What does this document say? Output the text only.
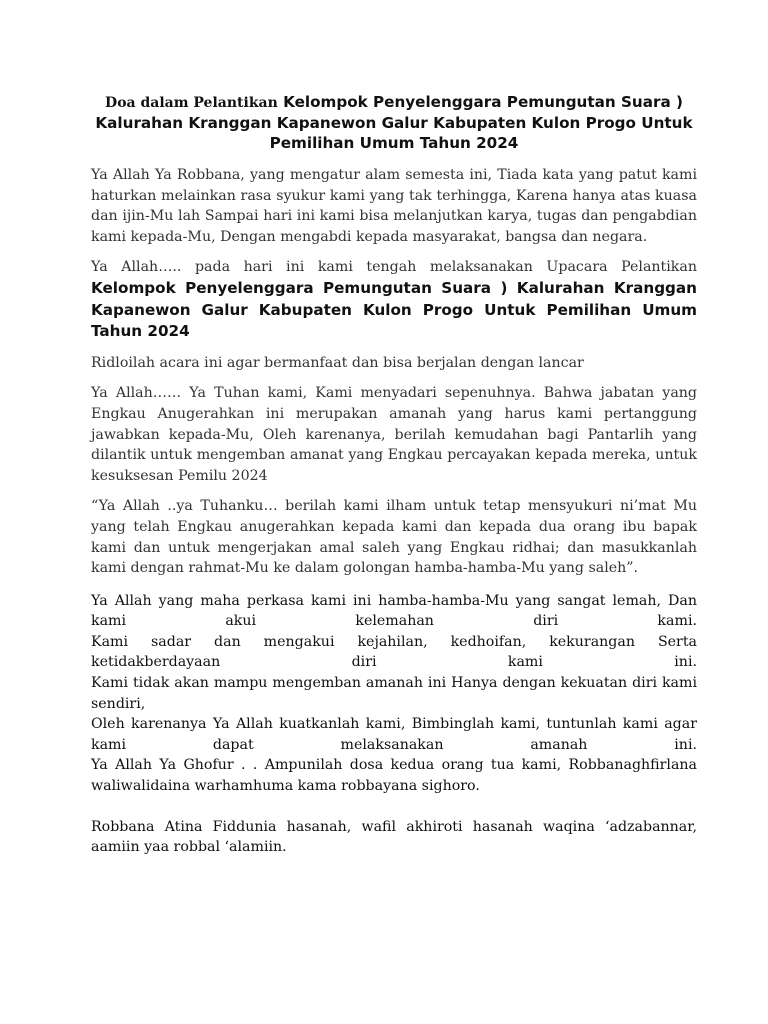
Doa dalam Pelantikan Kelompok Penyelenggara Pemungutan Suara ) Kalurahan Kranggan Kapanewon Galur Kabupaten Kulon Progo Untuk Pemilihan Umum Tahun 2024

Ya Allah Ya Robbana, yang mengatur alam semesta ini, Tiada kata yang patut kami haturkan melainkan rasa syukur kami yang tak terhingga, Karena hanya atas kuasa dan ijin-Mu lah Sampai hari ini kami bisa melanjutkan karya, tugas dan pengabdian kami kepada-Mu, Dengan mengabdi kepada masyarakat, bangsa dan negara.

Ya Allah….. pada hari ini kami tengah melaksanakan Upacara Pelantikan Kelompok Penyelenggara Pemungutan Suara ) Kalurahan Kranggan Kapanewon Galur Kabupaten Kulon Progo Untuk Pemilihan Umum Tahun 2024

Ridloilah acara ini agar bermanfaat dan bisa berjalan dengan lancar

Ya Allah…… Ya Tuhan kami, Kami menyadari sepenuhnya. Bahwa jabatan yang Engkau Anugerahkan ini merupakan amanah yang harus kami pertanggung jawabkan kepada-Mu, Oleh karenanya, berilah kemudahan bagi Pantarlih yang dilantik untuk mengemban amanat yang Engkau percayakan kepada mereka, untuk kesuksesan Pemilu 2024

“Ya Allah ..ya Tuhanku… berilah kami ilham untuk tetap mensyukuri ni’mat Mu yang telah Engkau anugerahkan kepada kami dan kepada dua orang ibu bapak kami dan untuk mengerjakan amal saleh yang Engkau ridhai; dan masukkanlah kami dengan rahmat-Mu ke dalam golongan hamba-hamba-Mu yang saleh”.

Ya Allah yang maha perkasa kami ini hamba-hamba-Mu yang sangat lemah, Dan kami akui kelemahan diri kami.
Kami sadar dan mengakui kejahilan, kedhoifan, kekurangan Serta ketidakberdayaan diri kami ini.
Kami tidak akan mampu mengemban amanah ini Hanya dengan kekuatan diri kami sendiri,
Oleh karenanya Ya Allah kuatkanlah kami, Bimbinglah kami, tuntunlah kami agar kami dapat melaksanakan amanah ini.
Ya Allah Ya Ghofur . . Ampunilah dosa kedua orang tua kami, Robbanaghfirlana waliwalidaina warhamhuma kama robbayana sighoro.

Robbana Atina Fiddunia hasanah, wafil akhiroti hasanah waqina ‘adzabannar, aamiin yaa robbal ‘alamiin.
